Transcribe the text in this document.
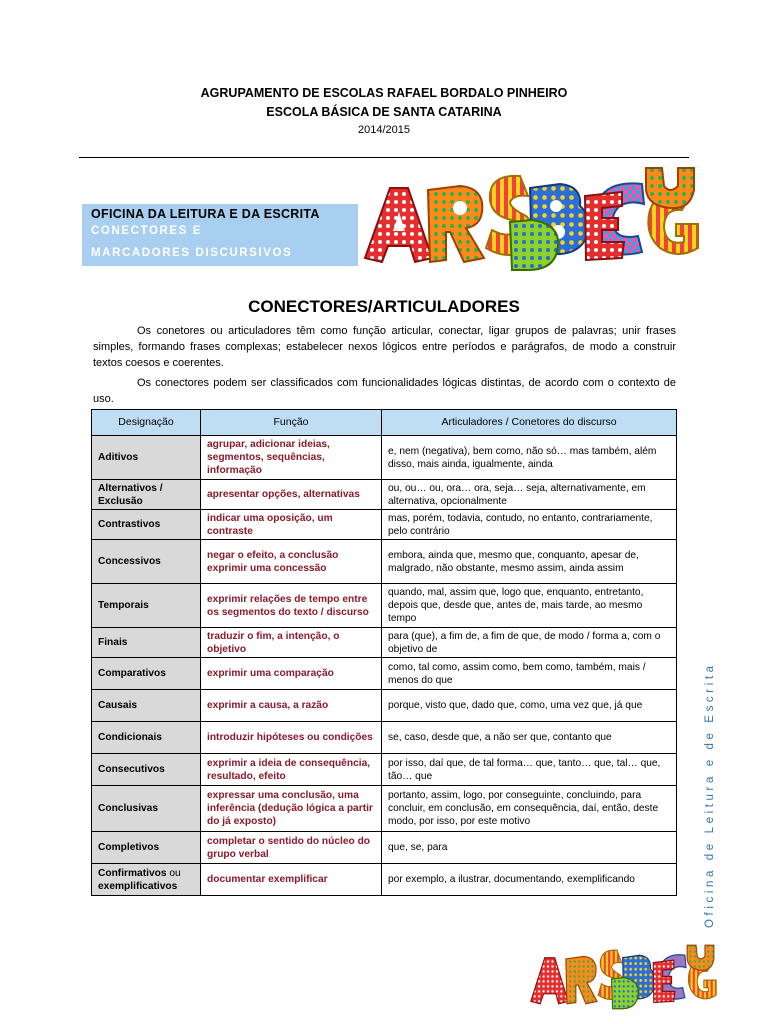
AGRUPAMENTO DE ESCOLAS RAFAEL BORDALO PINHEIRO
ESCOLA BÁSICA DE SANTA CATARINA
2014/2015
OFICINA DA LEITURA E DA ESCRITA
CONECTORES E
MARCADORES DISCURSIVOS
CONECTORES/ARTICULADORES
Os conetores ou articuladores têm como função articular, conectar, ligar grupos de palavras; unir frases simples, formando frases complexas; estabelecer nexos lógicos entre períodos e parágrafos, de modo a construir textos coesos e coerentes.
Os conectores podem ser classificados com funcionalidades lógicas distintas, de acordo com o contexto de uso.
Designação	Função	Articuladores / Conetores do discurso
Aditivos	agrupar, adicionar ideias, segmentos, sequências, informação	e, nem (negativa), bem como, não só… mas também, além disso, mais ainda, igualmente, ainda
Alternativos / Exclusão	apresentar opções, alternativas	ou, ou… ou, ora… ora, seja… seja, alternativamente, em alternativa, opcionalmente
Contrastivos	indicar uma oposição, um contraste	mas, porém, todavia, contudo, no entanto, contrariamente, pelo contrário
Concessivos	negar o efeito, a conclusão exprimir uma concessão	embora, ainda que, mesmo que, conquanto, apesar de, malgrado, não obstante, mesmo assim, ainda assim
Temporais	exprimir relações de tempo entre os segmentos do texto / discurso	quando, mal, assim que, logo que, enquanto, entretanto, depois que, desde que, antes de, mais tarde, ao mesmo tempo
Finais	traduzir o fim, a intenção, o objetivo	para (que), a fim de, a fim de que, de modo / forma a, com o objetivo de
Comparativos	exprimir uma comparação	como, tal como, assim como, bem como, também, mais / menos do que
Causais	exprimir a causa, a razão	porque, visto que, dado que, como, uma vez que, já que
Condicionais	introduzir hipóteses ou condições	se, caso, desde que, a não ser que, contanto que
Consecutivos	exprimir a ideia de consequência, resultado, efeito	por isso, daí que, de tal forma… que, tanto… que, tal… que, tão… que
Conclusivas	expressar uma conclusão, uma inferência (dedução lógica a partir do já exposto)	portanto, assim, logo, por conseguinte, concluindo, para concluir, em conclusão, em consequência, daí, então, deste modo, por isso, por este motivo
Completivos	completar o sentido do núcleo do grupo verbal	que, se, para
Confirmativos ou exemplificativos	documentar exemplificar	por exemplo, a ilustrar, documentando, exemplificando	Oficina de Leitura e de Escrita
